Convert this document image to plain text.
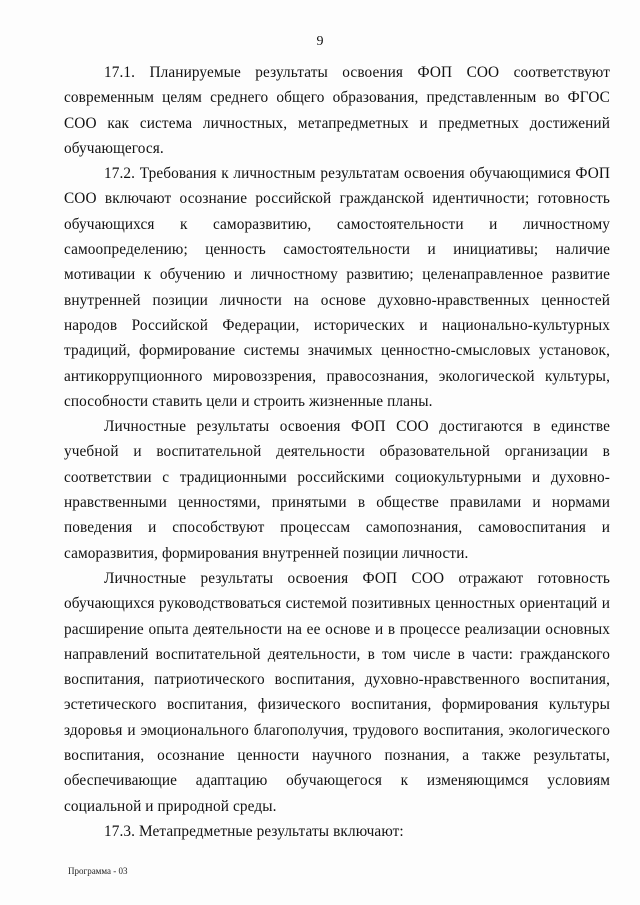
9

17.1. Планируемые результаты освоения ФОП СОО соответствуют современным целям среднего общего образования, представленным во ФГОС СОО как система личностных, метапредметных и предметных достижений обучающегося.

17.2. Требования к личностным результатам освоения обучающимися ФОП СОО включают осознание российской гражданской идентичности; готовность обучающихся к саморазвитию, самостоятельности и личностному самоопределению; ценность самостоятельности и инициативы; наличие мотивации к обучению и личностному развитию; целенаправленное развитие внутренней позиции личности на основе духовно-нравственных ценностей народов Российской Федерации, исторических и национально-культурных традиций, формирование системы значимых ценностно-смысловых установок, антикоррупционного мировоззрения, правосознания, экологической культуры, способности ставить цели и строить жизненные планы.

Личностные результаты освоения ФОП СОО достигаются в единстве учебной и воспитательной деятельности образовательной организации в соответствии с традиционными российскими социокультурными и духовно-нравственными ценностями, принятыми в обществе правилами и нормами поведения и способствуют процессам самопознания, самовоспитания и саморазвития, формирования внутренней позиции личности.

Личностные результаты освоения ФОП СОО отражают готовность обучающихся руководствоваться системой позитивных ценностных ориентаций и расширение опыта деятельности на ее основе и в процессе реализации основных направлений воспитательной деятельности, в том числе в части: гражданского воспитания, патриотического воспитания, духовно-нравственного воспитания, эстетического воспитания, физического воспитания, формирования культуры здоровья и эмоционального благополучия, трудового воспитания, экологического воспитания, осознание ценности научного познания, а также результаты, обеспечивающие адаптацию обучающегося к изменяющимся условиям социальной и природной среды.

17.3. Метапредметные результаты включают:

Программа - 03
